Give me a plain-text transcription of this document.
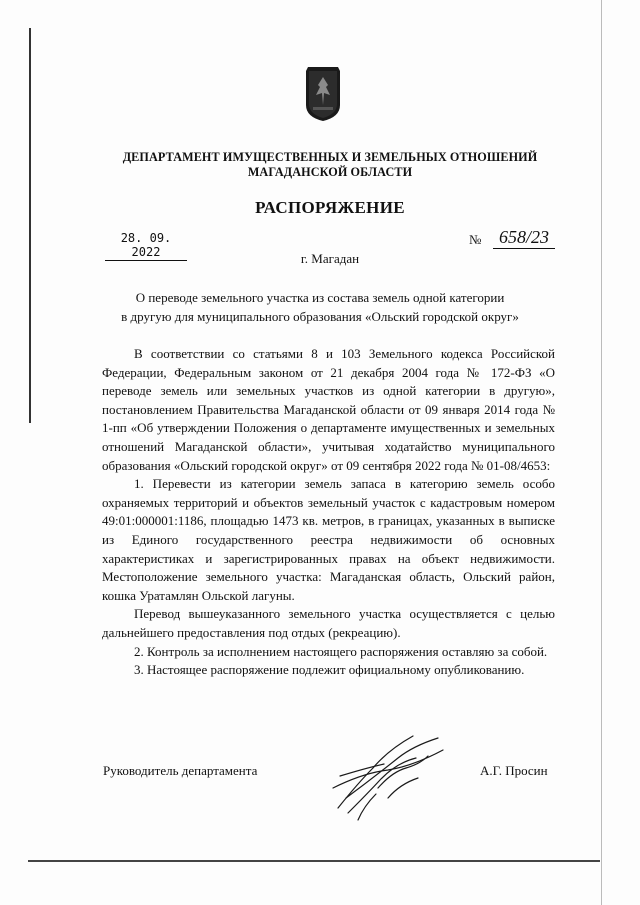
ДЕПАРТАМЕНТ ИМУЩЕСТВЕННЫХ И ЗЕМЕЛЬНЫХ ОТНОШЕНИЙ
МАГАДАНСКОЙ ОБЛАСТИ
РАСПОРЯЖЕНИЕ
28. 09. 2022
№ 658/23
г. Магадан
О переводе земельного участка из состава земель одной категории
в другую для муниципального образования «Ольский городской округ»

В соответствии со статьями 8 и 103 Земельного кодекса Российской Федерации, Федеральным законом от 21 декабря 2004 года № 172-ФЗ «О переводе земель или земельных участков из одной категории в другую», постановлением Правительства Магаданской области от 09 января 2014 года № 1-пп «Об утверждении Положения о департаменте имущественных и земельных отношений Магаданской области», учитывая ходатайство муниципального образования «Ольский городской округ» от 09 сентября 2022 года № 01-08/4653:

1. Перевести из категории земель запаса в категорию земель особо охраняемых территорий и объектов земельный участок с кадастровым номером 49:01:000001:1186, площадью 1473 кв. метров, в границах, указанных в выписке из Единого государственного реестра недвижимости об основных характеристиках и зарегистрированных правах на объект недвижимости. Местоположение земельного участка: Магаданская область, Ольский район, кошка Уратамлян Ольской лагуны.

Перевод вышеуказанного земельного участка осуществляется с целью дальнейшего предоставления под отдых (рекреацию).

2. Контроль за исполнением настоящего распоряжения оставляю за собой.

3. Настоящее распоряжение подлежит официальному опубликованию.

Руководитель департамента	А.Г. Просин
